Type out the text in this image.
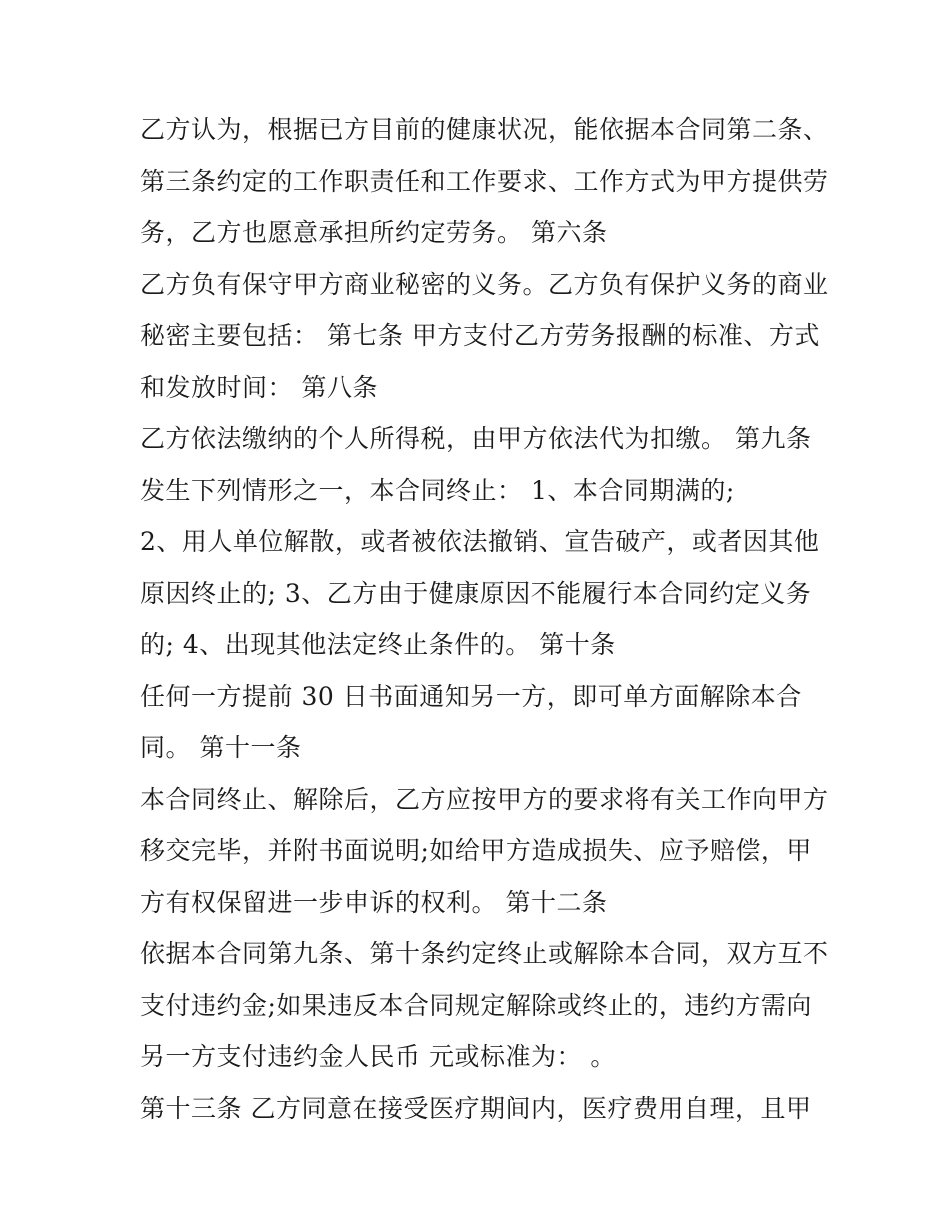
乙方认为，根据已方目前的健康状况，能依据本合同第二条、
第三条约定的工作职责任和工作要求、工作方式为甲方提供劳
务，乙方也愿意承担所约定劳务。 第六条
乙方负有保守甲方商业秘密的义务。乙方负有保护义务的商业
秘密主要包括： 第七条 甲方支付乙方劳务报酬的标准、方式
和发放时间： 第八条
乙方依法缴纳的个人所得税，由甲方依法代为扣缴。 第九条
发生下列情形之一，本合同终止： 1、本合同期满的;
2、用人单位解散，或者被依法撤销、宣告破产，或者因其他
原因终止的; 3、乙方由于健康原因不能履行本合同约定义务
的; 4、出现其他法定终止条件的。 第十条
任何一方提前 30 日书面通知另一方，即可单方面解除本合
同。 第十一条
本合同终止、解除后，乙方应按甲方的要求将有关工作向甲方
移交完毕，并附书面说明;如给甲方造成损失、应予赔偿，甲
方有权保留进一步申诉的权利。 第十二条
依据本合同第九条、第十条约定终止或解除本合同，双方互不
支付违约金;如果违反本合同规定解除或终止的，违约方需向
另一方支付违约金人民币 元或标准为： 。
第十三条 乙方同意在接受医疗期间内，医疗费用自理，且甲
